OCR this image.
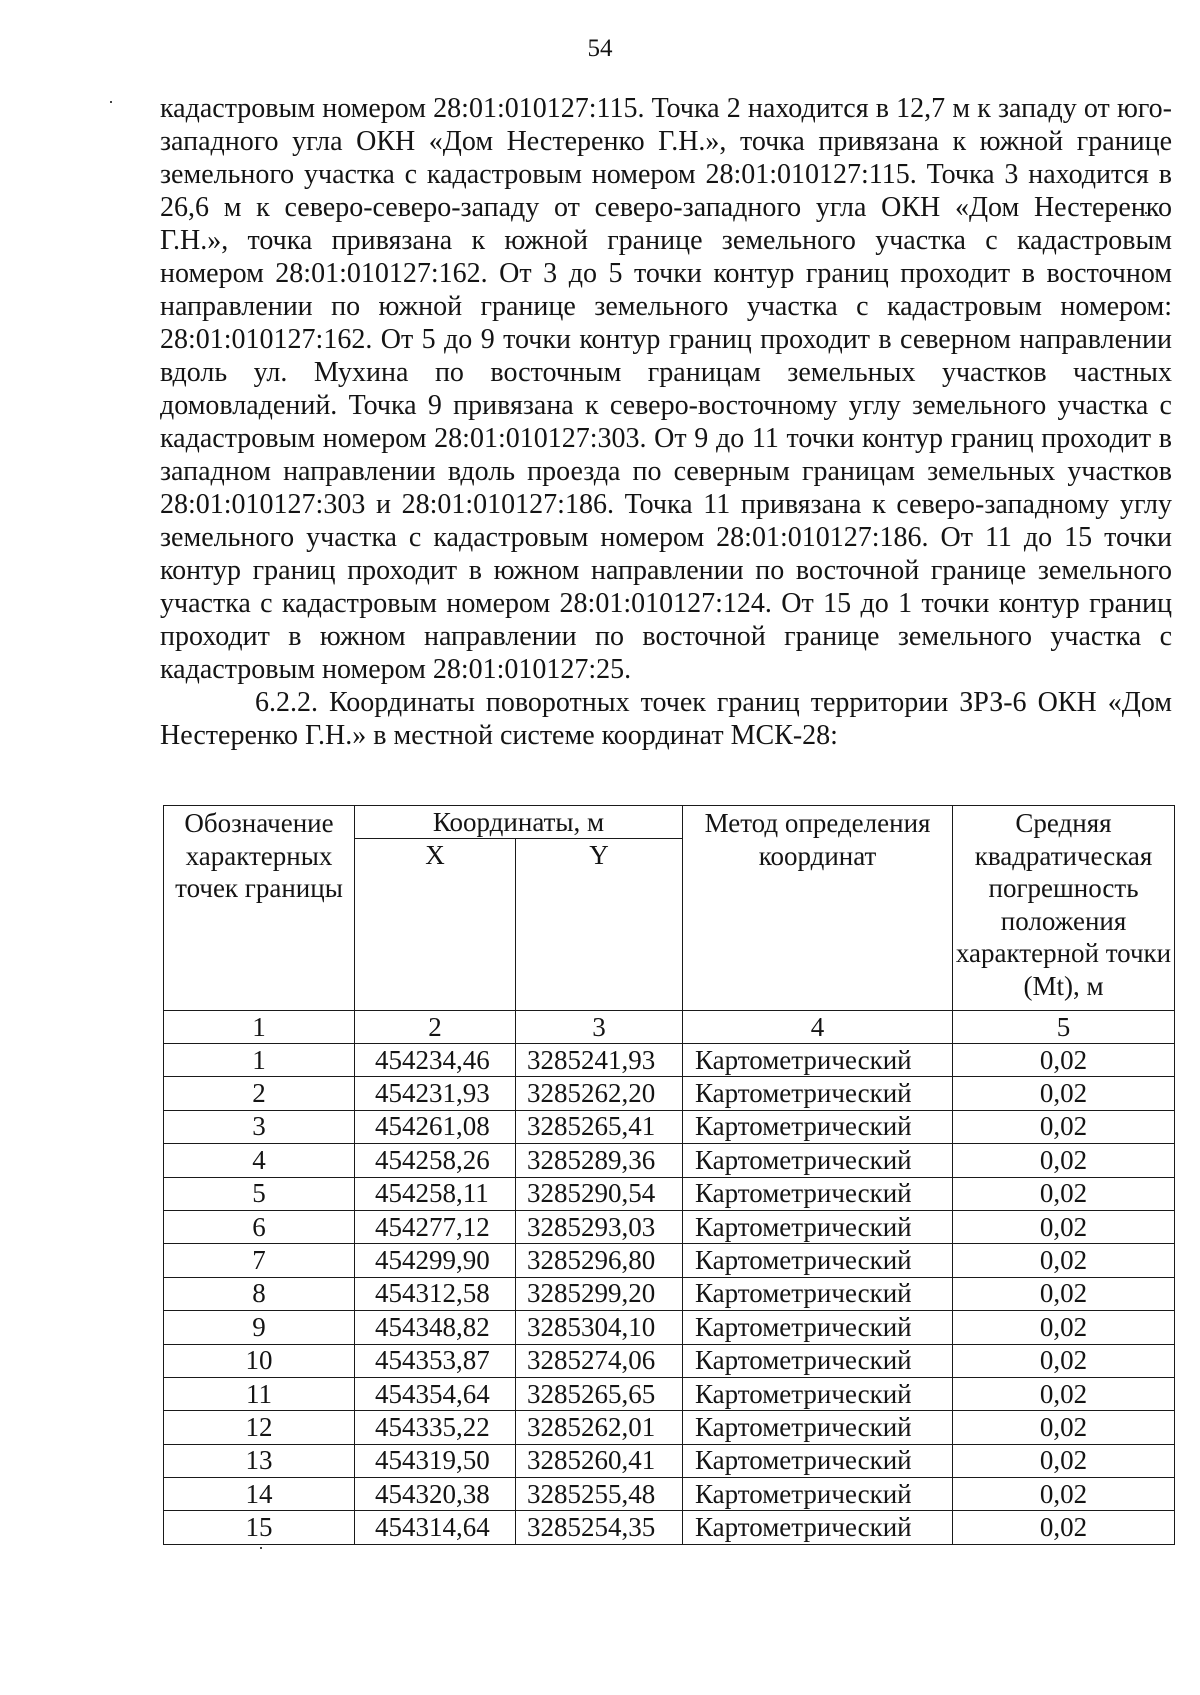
54

кадастровым номером 28:01:010127:115. Точка 2 находится в 12,7 м к западу от юго-западного угла ОКН «Дом Нестеренко Г.Н.», точка привязана к южной границе земельного участка с кадастровым номером 28:01:010127:115. Точка 3 находится в 26,6 м к северо-северо-западу от северо-западного угла ОКН «Дом Нестеренко Г.Н.», точка привязана к южной границе земельного участка с кадастровым номером 28:01:010127:162. От 3 до 5 точки контур границ проходит в восточном направлении по южной границе земельного участка с кадастровым номером: 28:01:010127:162. От 5 до 9 точки контур границ проходит в северном направлении вдоль ул. Мухина по восточным границам земельных участков частных домовладений. Точка 9 привязана к северо-восточному углу земельного участка с кадастровым номером 28:01:010127:303. От 9 до 11 точки контур границ проходит в западном направлении вдоль проезда по северным границам земельных участков 28:01:010127:303 и 28:01:010127:186. Точка 11 привязана к северо-западному углу земельного участка с кадастровым номером 28:01:010127:186. От 11 до 15 точки контур границ проходит в южном направлении по восточной границе земельного участка с кадастровым номером 28:01:010127:124. От 15 до 1 точки контур границ проходит в южном направлении по восточной границе земельного участка с кадастровым номером 28:01:010127:25.

6.2.2. Координаты поворотных точек границ территории ЗРЗ-6 ОКН «Дом Нестеренко Г.Н.» в местной системе координат МСК-28:

Обозначение характерных точек границы	Координаты, м		Метод определения координат	Средняя квадратическая погрешность положения характерной точки (Mt), м
	X	Y		
1	2	3	4	5
1	454234,46	3285241,93	Картометрический	0,02
2	454231,93	3285262,20	Картометрический	0,02
3	454261,08	3285265,41	Картометрический	0,02
4	454258,26	3285289,36	Картометрический	0,02
5	454258,11	3285290,54	Картометрический	0,02
6	454277,12	3285293,03	Картометрический	0,02
7	454299,90	3285296,80	Картометрический	0,02
8	454312,58	3285299,20	Картометрический	0,02
9	454348,82	3285304,10	Картометрический	0,02
10	454353,87	3285274,06	Картометрический	0,02
11	454354,64	3285265,65	Картометрический	0,02
12	454335,22	3285262,01	Картометрический	0,02
13	454319,50	3285260,41	Картометрический	0,02
14	454320,38	3285255,48	Картометрический	0,02
15	454314,64	3285254,35	Картометрический	0,02
